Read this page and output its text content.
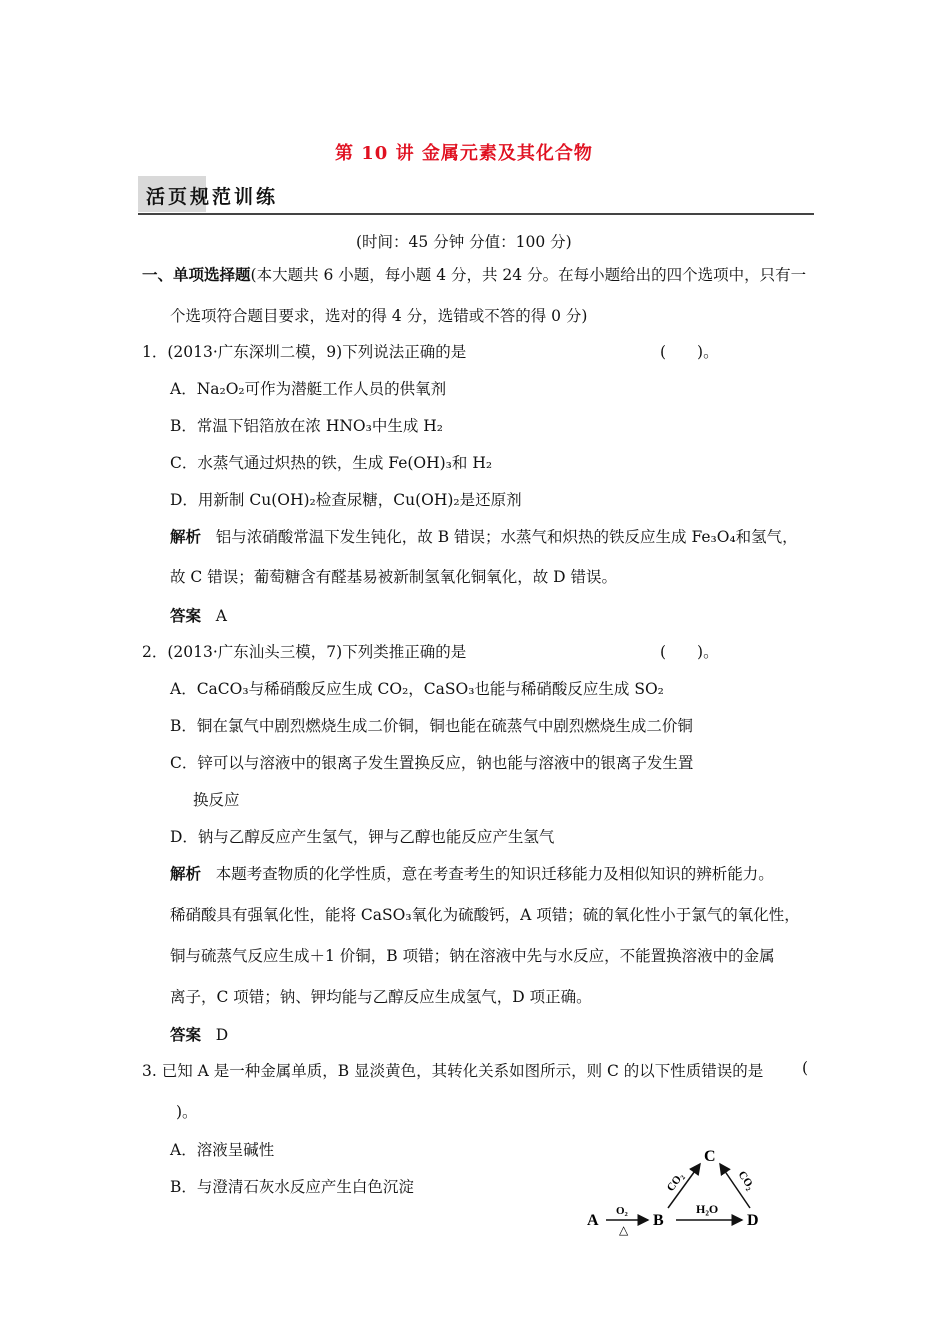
第 10 讲 金属元素及其化合物
活页规范训练
(时间：45 分钟 分值：100 分)
一、单项选择题(本大题共 6 小题，每小题 4 分，共 24 分。在每小题给出的四个选项中，只有一
个选项符合题目要求，选对的得 4 分，选错或不答的得 0 分)
1．(2013·广东深圳二模，9)下列说法正确的是	(　　)。
A．Na₂O₂可作为潜艇工作人员的供氧剂
B．常温下铝箔放在浓 HNO₃中生成 H₂
C．水蒸气通过炽热的铁，生成 Fe(OH)₃和 H₂
D．用新制 Cu(OH)₂检查尿糖，Cu(OH)₂是还原剂
解析 铝与浓硝酸常温下发生钝化，故 B 错误；水蒸气和炽热的铁反应生成 Fe₃O₄和氢气，
故 C 错误；葡萄糖含有醛基易被新制氢氧化铜氧化，故 D 错误。
答案 A
2．(2013·广东汕头三模，7)下列类推正确的是	(　　)。
A．CaCO₃与稀硝酸反应生成 CO₂，CaSO₃也能与稀硝酸反应生成 SO₂
B．铜在氯气中剧烈燃烧生成二价铜，铜也能在硫蒸气中剧烈燃烧生成二价铜
C．锌可以与溶液中的银离子发生置换反应，钠也能与溶液中的银离子发生置
换反应
D．钠与乙醇反应产生氢气，钾与乙醇也能反应产生氢气
解析 本题考查物质的化学性质，意在考查考生的知识迁移能力及相似知识的辨析能力。
稀硝酸具有强氧化性，能将 CaSO₃氧化为硫酸钙，A 项错；硫的氧化性小于氯气的氧化性，
铜与硫蒸气反应生成＋1 价铜，B 项错；钠在溶液中先与水反应，不能置换溶液中的金属
离子，C 项错；钠、钾均能与乙醇反应生成氢气，D 项正确。
答案 D
3. 已知 A 是一种金属单质，B 显淡黄色，其转化关系如图所示，则 C 的以下性质错误的是 (
)。
A．溶液呈碱性
B．与澄清石灰水反应产生白色沉淀
A
O₂
△
B
H₂O
D
C
CO₂	CO₂
